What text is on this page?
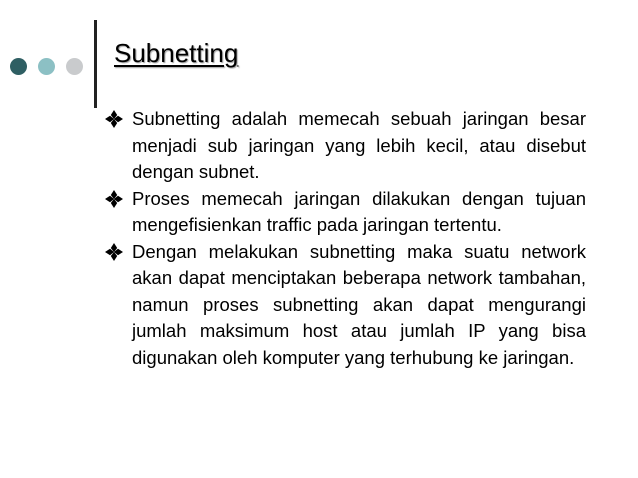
Subnetting
Subnetting adalah memecah sebuah jaringan besar menjadi sub jaringan yang lebih kecil, atau disebut dengan subnet.
Proses memecah jaringan dilakukan dengan tujuan mengefisienkan traffic pada jaringan tertentu.
Dengan melakukan subnetting maka suatu network akan dapat menciptakan beberapa network tambahan, namun proses subnetting akan dapat mengurangi jumlah maksimum host atau jumlah IP yang bisa digunakan oleh komputer yang terhubung ke jaringan.
